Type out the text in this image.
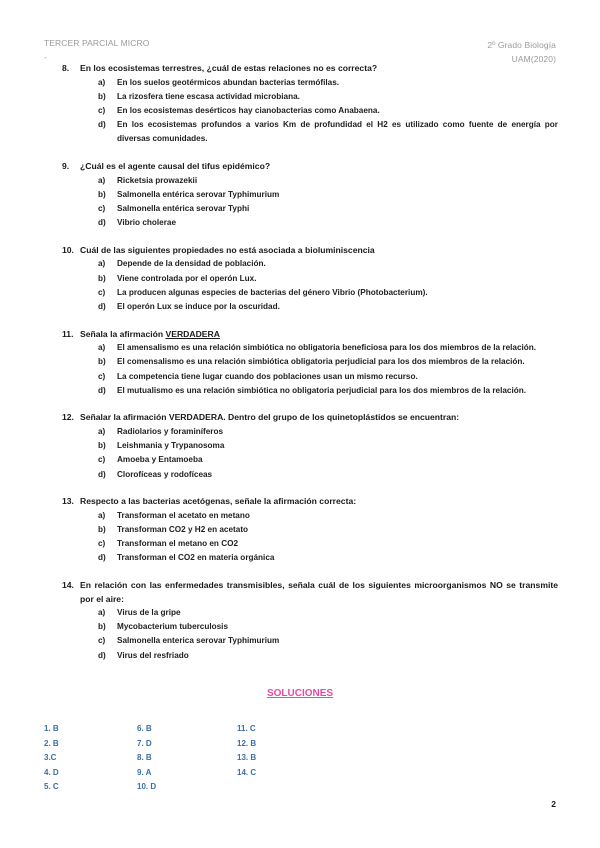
TERCER PARCIAL MICRO
-
2º Grado Biología
UAM(2020)
8.	En los ecosistemas terrestres, ¿cuál de estas relaciones no es correcta?
a)	En los suelos geotérmicos abundan bacterias termófilas.
b)	La rizosfera tiene escasa actividad microbiana.
c)	En los ecosistemas desérticos hay cianobacterias como Anabaena.
d)	En los ecosistemas profundos a varios Km de profundidad el H2 es utilizado como fuente de energía por diversas comunidades.
9.	¿Cuál es el agente causal del tifus epidémico?
a)	Ricketsia prowazekii
b)	Salmonella entérica serovar Typhimurium
c)	Salmonella entérica serovar Typhi
d)	Vibrio cholerae
10. Cuál de las siguientes propiedades no está asociada a bioluminiscencia
a)	Depende de la densidad de población.
b)	Viene controlada por el operón Lux.
c)	La producen algunas especies de bacterias del género Vibrio (Photobacterium).
d)	El operón Lux se induce por la oscuridad.
11. Señala la afirmación VERDADERA
a)	El amensalismo es una relación simbiótica no obligatoria beneficiosa para los dos miembros de la relación.
b)	El comensalismo es una relación simbiótica obligatoria perjudicial para los dos miembros de la relación.
c)	La competencia tiene lugar cuando dos poblaciones usan un mismo recurso.
d)	El mutualismo es una relación simbiótica no obligatoria perjudicial para los dos miembros de la relación.
12. Señalar la afirmación VERDADERA. Dentro del grupo de los quinetoplástidos se encuentran:
a)	Radiolarios y foraminíferos
b)	Leishmania y Trypanosoma
c)	Amoeba y Entamoeba
d)	Clorofíceas y rodofíceas
13. Respecto a las bacterias acetógenas, señale la afirmación correcta:
a)	Transforman el acetato en metano
b)	Transforman CO2 y H2 en acetato
c)	Transforman el metano en CO2
d)	Transforman el CO2 en materia orgánica
14. En relación con las enfermedades transmisibles, señala cuál de los siguientes microorganismos NO se transmite por el aire:
a)	Virus de la gripe
b)	Mycobacterium tuberculosis
c)	Salmonella enterica serovar Typhimurium
d)	Virus del resfriado
SOLUCIONES
1. B
2. B
3.C
4. D
5. C
6. B
7. D
8. B
9. A
10. D
11. C
12. B
13. B
14. C
2
